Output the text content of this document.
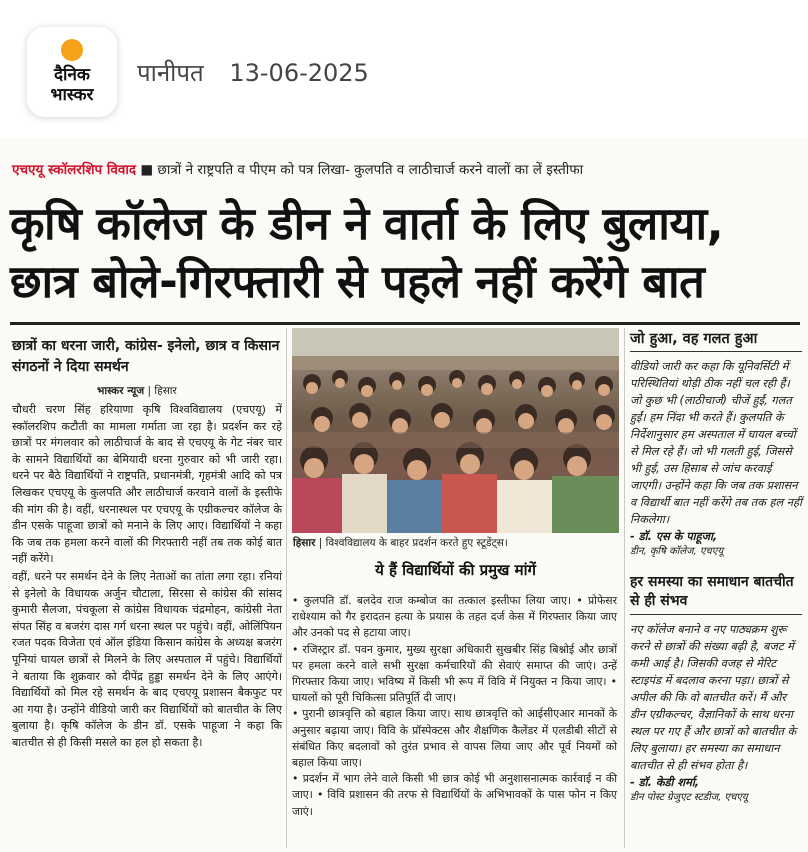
दैनिक
भास्कर
पानीपत 13-06-2025
एचएयू स्कॉलरशिप विवाद ■ छात्रों ने राष्ट्रपति व पीएम को पत्र लिखा- कुलपति व लाठीचार्ज करने वालों का लें इस्तीफा
कृषि कॉलेज के डीन ने वार्ता के लिए बुलाया,
छात्र बोले-गिरफ्तारी से पहले नहीं करेंगे बात
छात्रों का धरना जारी, कांग्रेस- इनेलो, छात्र व किसान संगठनों ने दिया समर्थन
भास्कर न्यूज | हिसार

चौधरी चरण सिंह हरियाणा कृषि विश्वविद्यालय (एचएयू) में स्कॉलरशिप कटौती का मामला गर्माता जा रहा है। प्रदर्शन कर रहे छात्रों पर मंगलवार को लाठीचार्ज के बाद से एचएयू के गेट नंबर चार के सामने विद्यार्थियों का बेमियादी धरना गुरुवार को भी जारी रहा। धरने पर बैठे विद्यार्थियों ने राष्ट्रपति, प्रधानमंत्री, गृहमंत्री आदि को पत्र लिखकर एचएयू के कुलपति और लाठीचार्ज करवाने वालों के इस्तीफे की मांग की है। वहीं, धरनास्थल पर एचएयू के एग्रीकल्चर कॉलेज के डीन एसके पाहूजा छात्रों को मनाने के लिए आए। विद्यार्थियों ने कहा कि जब तक हमला करने वालों की गिरफ्तारी नहीं तब तक कोई बात नहीं करेंगे।

वहीं, धरने पर समर्थन देने के लिए नेताओं का तांता लगा रहा। रनियां से इनेलो के विधायक अर्जुन चौटाला, सिरसा से कांग्रेस की सांसद कुमारी सैलजा, पंचकूला से कांग्रेस विधायक चंद्रमोहन, कांग्रेसी नेता संपत सिंह व बजरंग दास गर्ग धरना स्थल पर पहुंचे। वहीं, ओलिंपियन रजत पदक विजेता एवं ऑल इंडिया किसान कांग्रेस के अध्यक्ष बजरंग पूनियां घायल छात्रों से मिलने के लिए अस्पताल में पहुंचे। विद्यार्थियों ने बताया कि शुक्रवार को दीपेंद्र हुड्डा समर्थन देने के लिए आएंगे। विद्यार्थियों को मिल रहे समर्थन के बाद एचएयू प्रशासन बैकफुट पर आ गया है। उन्होंने वीडियो जारी कर विद्यार्थियों को बातचीत के लिए बुलाया है। कृषि कॉलेज के डीन डॉ. एसके पाहूजा ने कहा कि बातचीत से ही किसी मसले का हल हो सकता है।

हिसार | विश्वविद्यालय के बाहर प्रदर्शन करते हुए स्टूडेंट्स।
ये हैं विद्यार्थियों की प्रमुख मांगें

• कुलपति डॉ. बलदेव राज कम्बोज का तत्काल इस्तीफा लिया जाए। • प्रोफेसर राधेश्याम को गैर इरादतन हत्या के प्रयास के तहत दर्ज केस में गिरफ्तार किया जाए और उनको पद से हटाया जाए।

• रजिस्ट्रार डॉ. पवन कुमार, मुख्य सुरक्षा अधिकारी सुखबीर सिंह बिश्नोई और छात्रों पर हमला करने वाले सभी सुरक्षा कर्मचारियों की सेवाएं समाप्त की जाएं। उन्हें गिरफ्तार किया जाए। भविष्य में किसी भी रूप में विवि में नियुक्त न किया जाए। • घायलों को पूरी चिकित्सा प्रतिपूर्ति दी जाए।

• पुरानी छात्रवृत्ति को बहाल किया जाए। साथ छात्रवृत्ति को आईसीएआर मानकों के अनुसार बढ़ाया जाए। विवि के प्रॉस्पेक्टस और शैक्षणिक कैलेंडर में एलडीबी सीटों से संबंधित किए बदलावों को तुरंत प्रभाव से वापस लिया जाए और पूर्व नियमों को बहाल किया जाए।

• प्रदर्शन में भाग लेने वाले किसी भी छात्र कोई भी अनुशासनात्मक कार्रवाई न की जाए। • विवि प्रशासन की तरफ से विद्यार्थियों के अभिभावकों के पास फोन न किए जाएं।

जो हुआ, वह गलत हुआ
वीडियो जारी कर कहा कि यूनिवर्सिटी में परिस्थितियां थोड़ी ठीक नहीं चल रही हैं। जो कुछ भी (लाठीचार्ज) चीजें हुईं, गलत हुईं। हम निंदा भी करते हैं। कुलपति के निर्देशानुसार हम अस्पताल में घायल बच्चों से मिल रहे हैं। जो भी गलती हुई, जिससे भी हुई, उस हिसाब से जांच करवाई जाएगी। उन्होंने कहा कि जब तक प्रशासन व विद्यार्थी बात नहीं करेंगे तब तक हल नहीं निकलेगा।
- डॉ. एस के पाहूजा,
डीन, कृषि कॉलेज, एचएयू
हर समस्या का समाधान बातचीत से ही संभव
नए कॉलेज बनाने व नए पाठ्यक्रम शुरू करने से छात्रों की संख्या बढ़ी है, बजट में कमी आई है। जिसकी वजह से मेरिट स्टाइपंड में बदलाव करना पड़ा। छात्रों से अपील की कि वो बातचीत करें। मैं और डीन एग्रीकल्चर, वैज्ञानिकों के साथ धरना स्थल पर गए हैं और छात्रों को बातचीत के लिए बुलाया। हर समस्या का समाधान बातचीत से ही संभव होता है।
- डॉ. केडी शर्मा,
डीन पोस्ट ग्रेजुएट स्टडीज, एचएयू
